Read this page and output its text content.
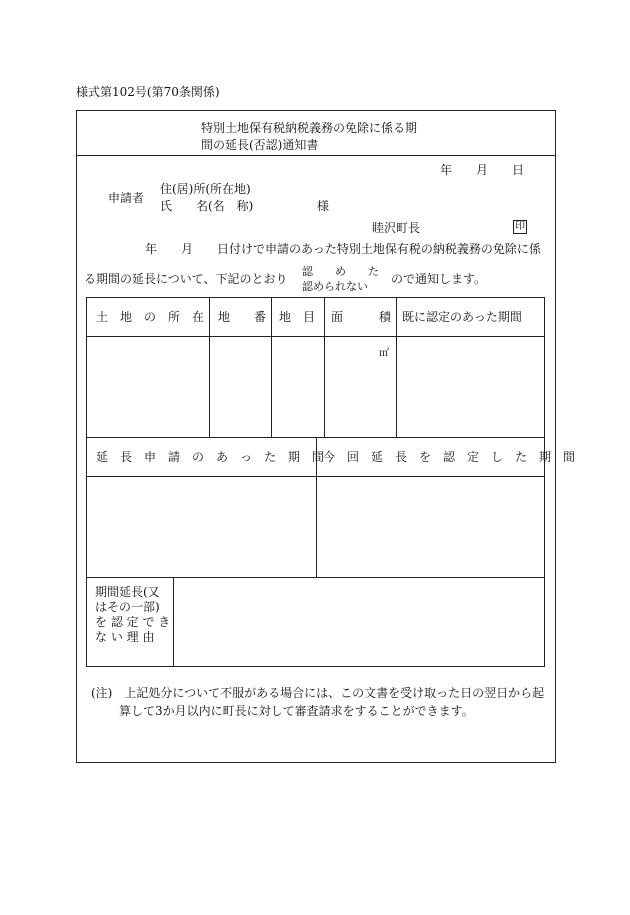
様式第102号(第70条関係)
特別土地保有税納税義務の免除に係る期
間の延長(否認)通知書
年　　月　　日
申請者
住(居)所(所在地)
氏　　名(名　称)	様
睦沢町長	印
年　　月　　日付けで申請のあった特別土地保有税の納税義務の免除に係
る期間の延長について、下記のとおり
認　　め　　た
認められない
ので通知します。
土　地　の　所　在 地　　番 地　目 面　　　積 既に認定のあった期間
㎡
延　長　申　請　の　あ　っ　た　期　間
今　回　延　長　を　認　定　し　た　期　間
期間延長(又
はその一部)
を 認 定 で き
な い 理 由
(注)　上記処分について不服がある場合には、この文書を受け取った日の翌日から起
算して3か月以内に町長に対して審査請求をすることができます。
